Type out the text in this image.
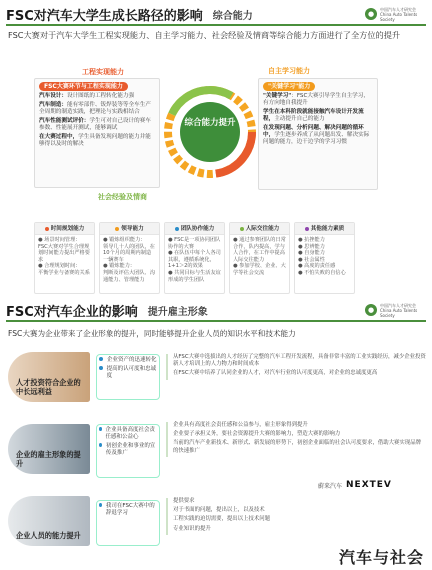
FSC对汽车大学生成长路径的影响 综合能力	●
中国汽车人才研究会 China Auto Talents Society
FSC大赛对于汽车大学生工程实现能力、自主学习能力、社会经验及情商等综合能力方面进行了全方位的提升
FSC大赛环节与工程实现能力

汽车设计：设计图纸的工程转化能力强

汽车制造：能有零部件、钣焊装等等全车生产全周期的制造实践，把理论与实践相结合

汽车性能测试评价：学生可对自己设计的赛车参数、性能展开测试，能够调试

在大赛过程中，学生具备发现问题的能力并能够得以及时的解决

综合能力提升
工程实现能力	自主学习能力
社会经验及情商
"关键学习"能力

"关键学习"：FSC大赛引导学生自主学习，有方向地自我提升

学生在本科阶段就能接触汽车设计开发流程，主动提升自己的能力

在发现问题、分析问题、解决问题的循环中，学生逐步养成了从问题出发、解决实际问题的能力，边干边学的学习习惯

时间规划能力
● 场景时间管理：
FSC大赛对学生合理规划时间能力提出严格要求
● 合理规划时间：
平衡学业与备赛的关系
领导能力
● 锻炼组织能力：
领导几十人的团队，在10个月的周期内制造一辆赛车
● 锻炼能力：
判断及评估大团队、沟通能力、管理能力
团队协作能力
● FSC是一项协同团队协作的大赛
● 在队伍中每个人各司其职，遵循系统化，1+1＞2的效果
● 共同目标与生活友谊形成的学生团队
人际交往能力
● 通过参赛团队的日常合作，队内提高，学与人合作，在工作中提高人际交往能力
● 参加学校、企业、大学等社会交流
其他能力素质
● 抗挫能力
● 思辨能力
● 自身能力
● 社会属性
● 高度的责任感
● 不怕失败的自信心
FSC对汽车企业的影响 提升雇主形象	●
中国汽车人才研究会 China Auto Talents Society
FSC大赛为企业带来了企业形象的提升，同时能够提升企业人员的知识水平和技术能力
人才投资符合企业的中长远利益
企业资产的迅速转化
提高的认可度和忠诚度

从FSC大赛中选拔出的人才经历了完整的汽车工程开发流程，具备非常丰富的工业实践经历，减少企业投资新人才培训上的人力物力和时间成本

在FSC大赛中培养了认同企业的人才，对汽车行业的认可度更高，对企业的忠诚度更高

企业的雇主形象的提升
企业具备高度社会责任感和公益心
初创企业和事业的宣传及推广

企业具有高度社会责任感和公益参与，雇主形象得到提升

企业要子承担义务，要社会资源提升大赛的影响力，塑造大赛的影响力

当前的汽车产业新技术、新形式、新发展的形势下，初创企业面临的社会认可度要求，借助大赛实现品牌的快速推广

蔚来汽车 NEXTEV
企业人员的能力提升
我司在FSC大赛中的辞退学习

提供要求

对于书面的问题，提出以上，以及技术

工程实践的迫切需要，提出以上技术问题

专业知识的提升

汽车与社会
